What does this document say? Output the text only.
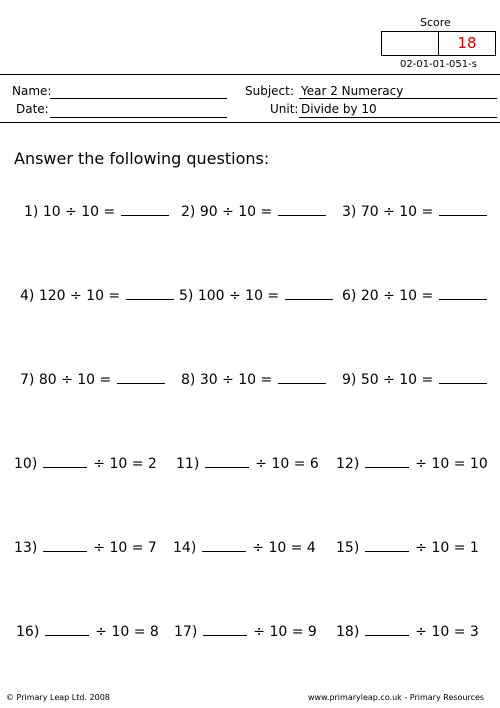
Score
18
02-01-01-051-s
Name:
Date:
Subject: Year 2 Numeracy
Unit: Divide by 10
Answer the following questions:
1) 10 ÷ 10 =	2) 90 ÷ 10 =	3) 70 ÷ 10 =
4) 120 ÷ 10 =	5) 100 ÷ 10 =	6) 20 ÷ 10 =
7) 80 ÷ 10 =	8) 30 ÷ 10 =	9) 50 ÷ 10 =
10)	÷ 10 = 2 11)	÷ 10 = 6 12)	÷ 10 = 10
13)	÷ 10 = 7 14)	÷ 10 = 4 15)	÷ 10 = 1
16)	÷ 10 = 8 17)	÷ 10 = 9 18)	÷ 10 = 3
© Primary Leap Ltd. 2008	www.primaryleap.co.uk - Primary Resources
